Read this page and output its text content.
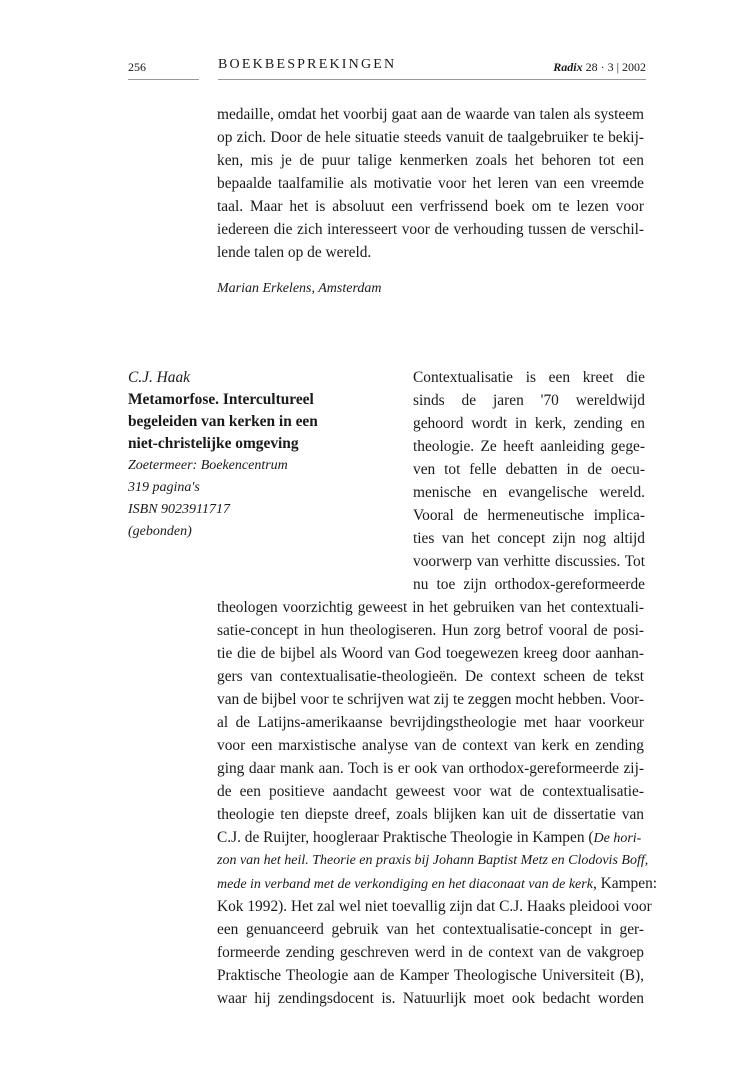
256	BOEKBESPREKINGEN	Radix 28 · 3 | 2002
medaille, omdat het voorbij gaat aan de waarde van talen als systeem
op zich. Door de hele situatie steeds vanuit de taalgebruiker te bekij-
ken, mis je de puur talige kenmerken zoals het behoren tot een
bepaalde taalfamilie als motivatie voor het leren van een vreemde
taal. Maar het is absoluut een verfrissend boek om te lezen voor
iedereen die zich interesseert voor de verhouding tussen de verschil-
lende talen op de wereld.
Marian Erkelens, Amsterdam
C.J. Haak
Metamorfose. Intercultureel
begeleiden van kerken in een
niet-christelijke omgeving
Zoetermeer: Boekencentrum
319 pagina's
ISBN 9023911717
(gebonden)
Contextualisatie is een kreet die
sinds de jaren '70 wereldwijd
gehoord wordt in kerk, zending en
theologie. Ze heeft aanleiding gege-
ven tot felle debatten in de oecu-
menische en evangelische wereld.
Vooral de hermeneutische implica-
ties van het concept zijn nog altijd
voorwerp van verhitte discussies. Tot
nu toe zijn orthodox-gereformeerde
theologen voorzichtig geweest in het gebruiken van het contextuali-
satie-concept in hun theologiseren. Hun zorg betrof vooral de posi-
tie die de bijbel als Woord van God toegewezen kreeg door aanhan-
gers van contextualisatie-theologieën. De context scheen de tekst
van de bijbel voor te schrijven wat zij te zeggen mocht hebben. Voor-
al de Latijns-amerikaanse bevrijdingstheologie met haar voorkeur
voor een marxistische analyse van de context van kerk en zending
ging daar mank aan. Toch is er ook van orthodox-gereformeerde zij-
de een positieve aandacht geweest voor wat de contextualisatie-
theologie ten diepste dreef, zoals blijken kan uit de dissertatie van
C.J. de Ruijter, hoogleraar Praktische Theologie in Kampen (De hori-
zon van het heil. Theorie en praxis bij Johann Baptist Metz en Clodovis Boff,
mede in verband met de verkondiging en het diaconaat van de kerk, Kampen:
Kok 1992). Het zal wel niet toevallig zijn dat C.J. Haaks pleidooi voor
een genuanceerd gebruik van het contextualisatie-concept in ger-
formeerde zending geschreven werd in de context van de vakgroep
Praktische Theologie aan de Kamper Theologische Universiteit (B),
waar hij zendingsdocent is. Natuurlijk moet ook bedacht worden
